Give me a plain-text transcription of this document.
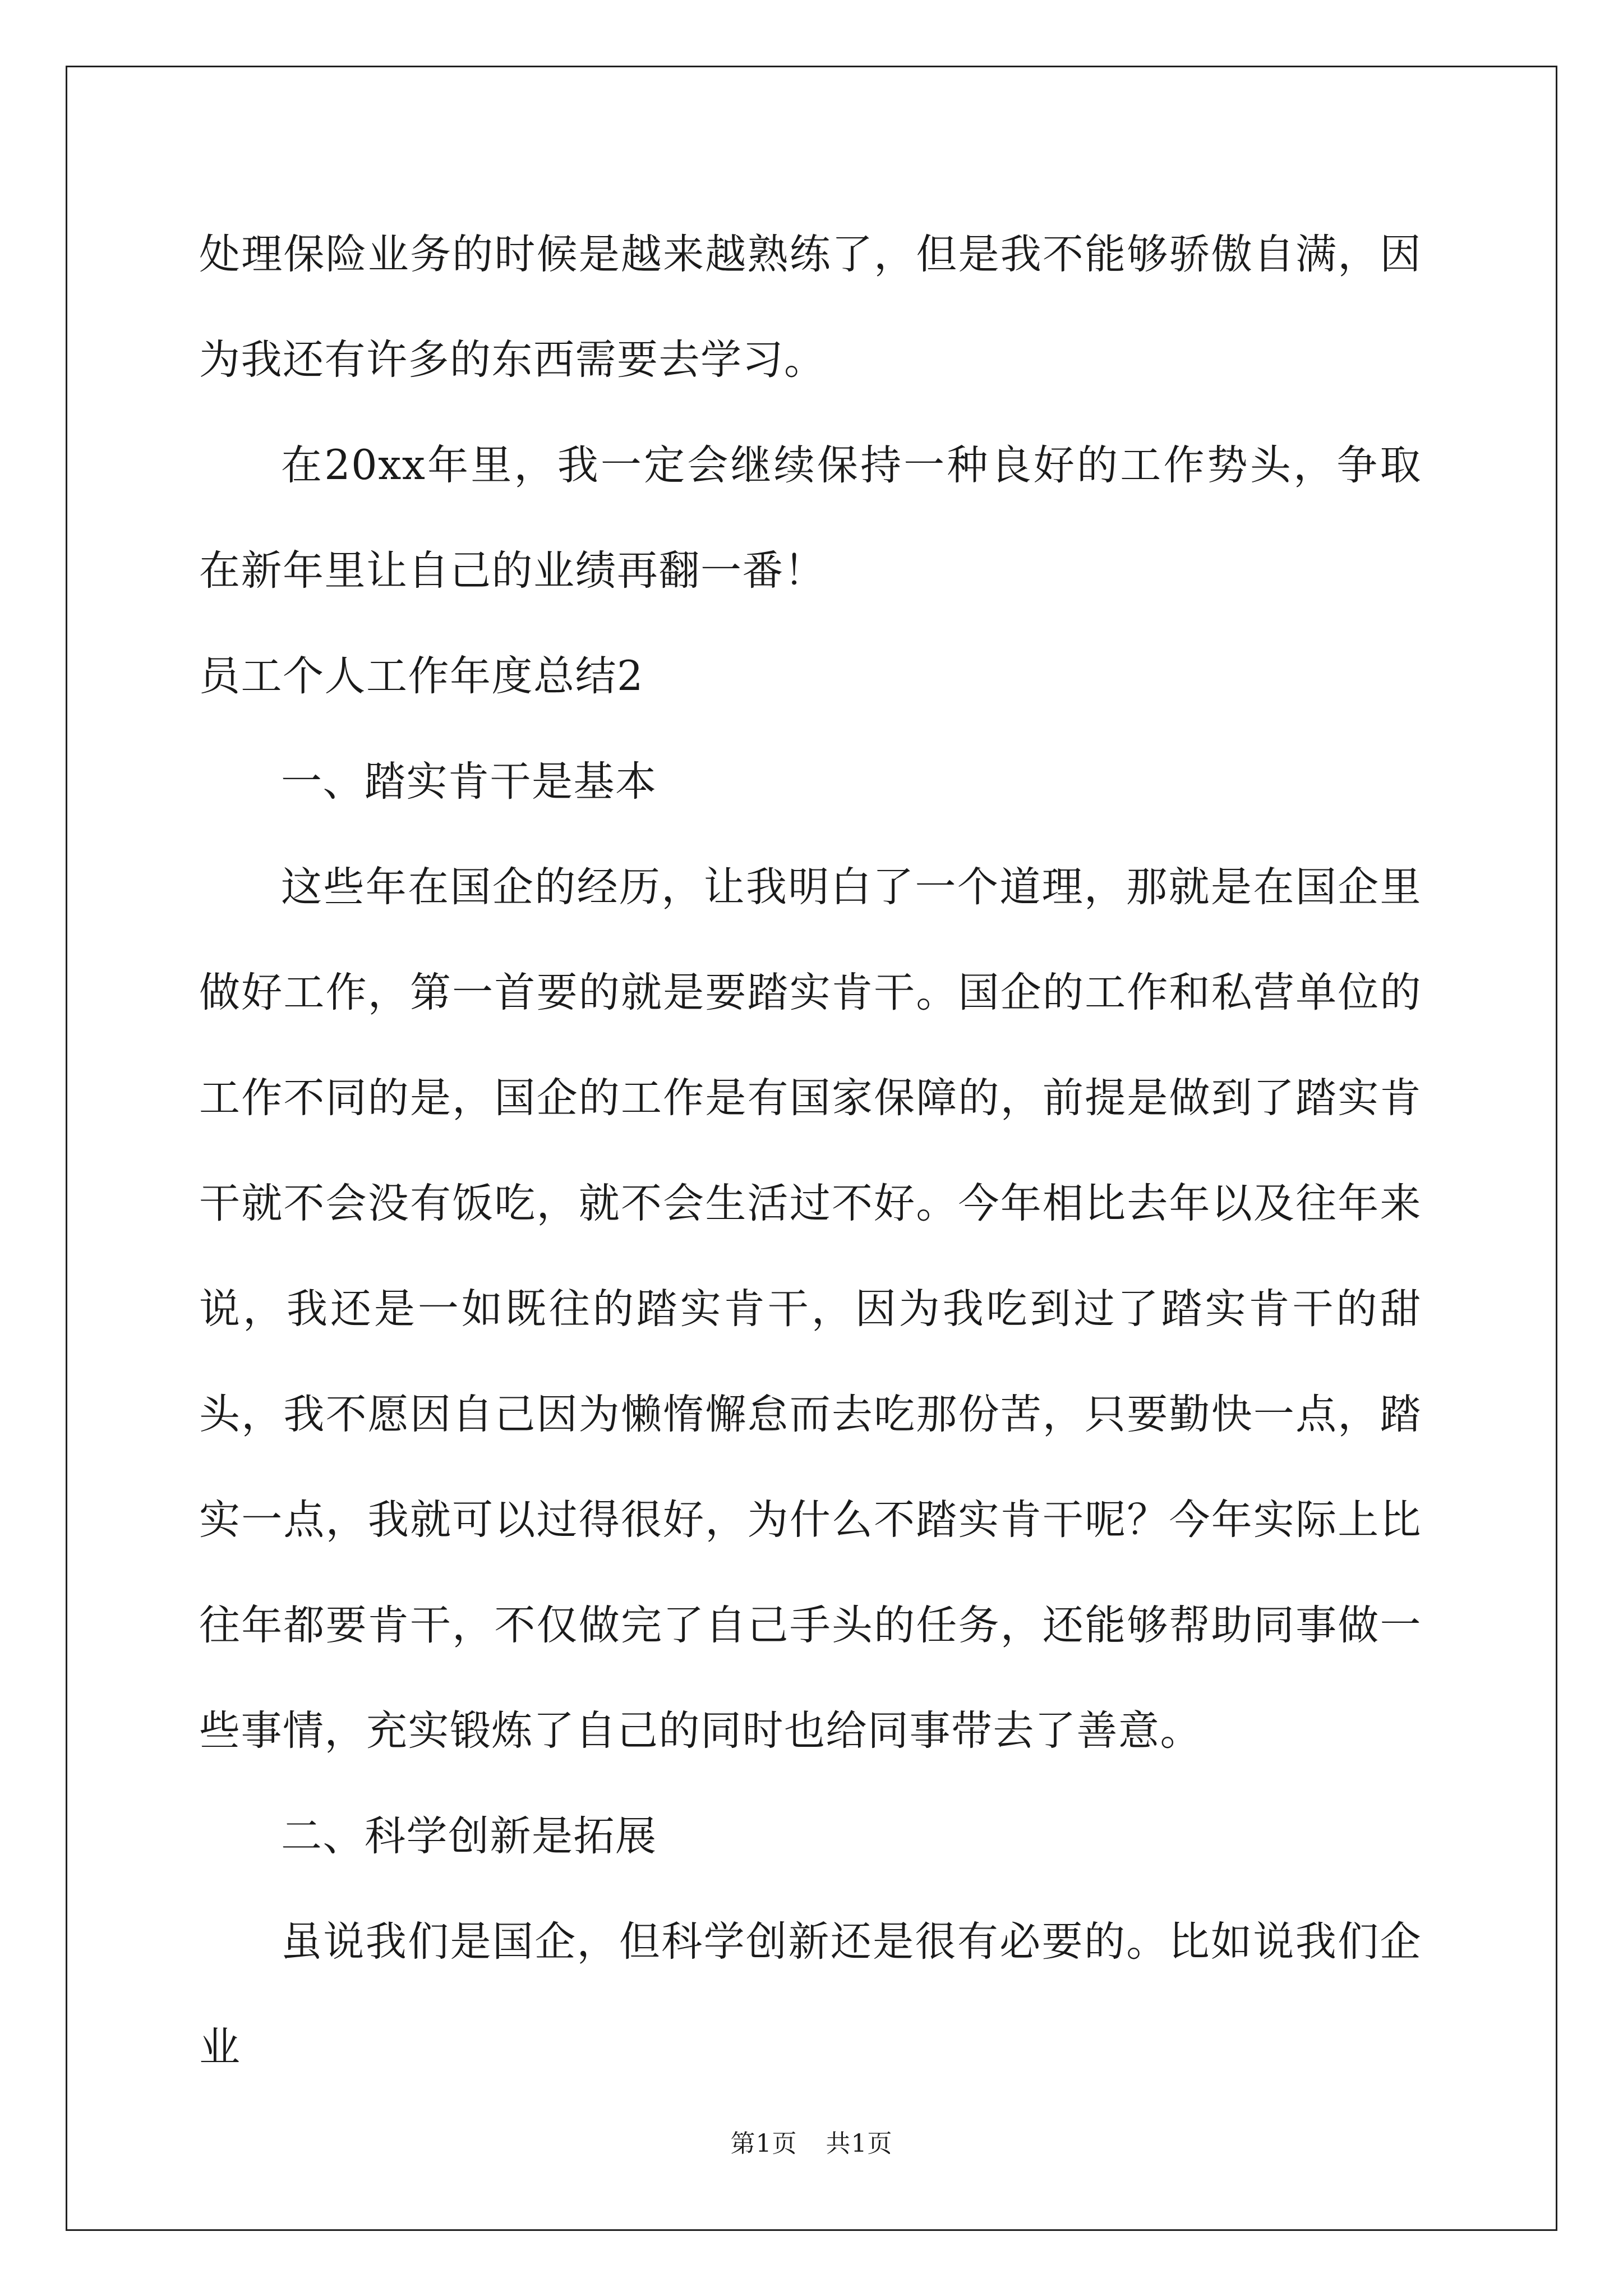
处理保险业务的时候是越来越熟练了，但是我不能够骄傲自满，因为我还有许多的东西需要去学习。

在20xx年里，我一定会继续保持一种良好的工作势头，争取在新年里让自己的业绩再翻一番！

员工个人工作年度总结2

一、踏实肯干是基本

这些年在国企的经历，让我明白了一个道理，那就是在国企里做好工作，第一首要的就是要踏实肯干。国企的工作和私营单位的工作不同的是，国企的工作是有国家保障的，前提是做到了踏实肯干就不会没有饭吃，就不会生活过不好。今年相比去年以及往年来说，我还是一如既往的踏实肯干，因为我吃到过了踏实肯干的甜头，我不愿因自己因为懒惰懈怠而去吃那份苦，只要勤快一点，踏实一点，我就可以过得很好，为什么不踏实肯干呢？今年实际上比往年都要肯干，不仅做完了自己手头的任务，还能够帮助同事做一些事情，充实锻炼了自己的同时也给同事带去了善意。

二、科学创新是拓展

虽说我们是国企，但科学创新还是很有必要的。比如说我们企业

第1页 共1页
